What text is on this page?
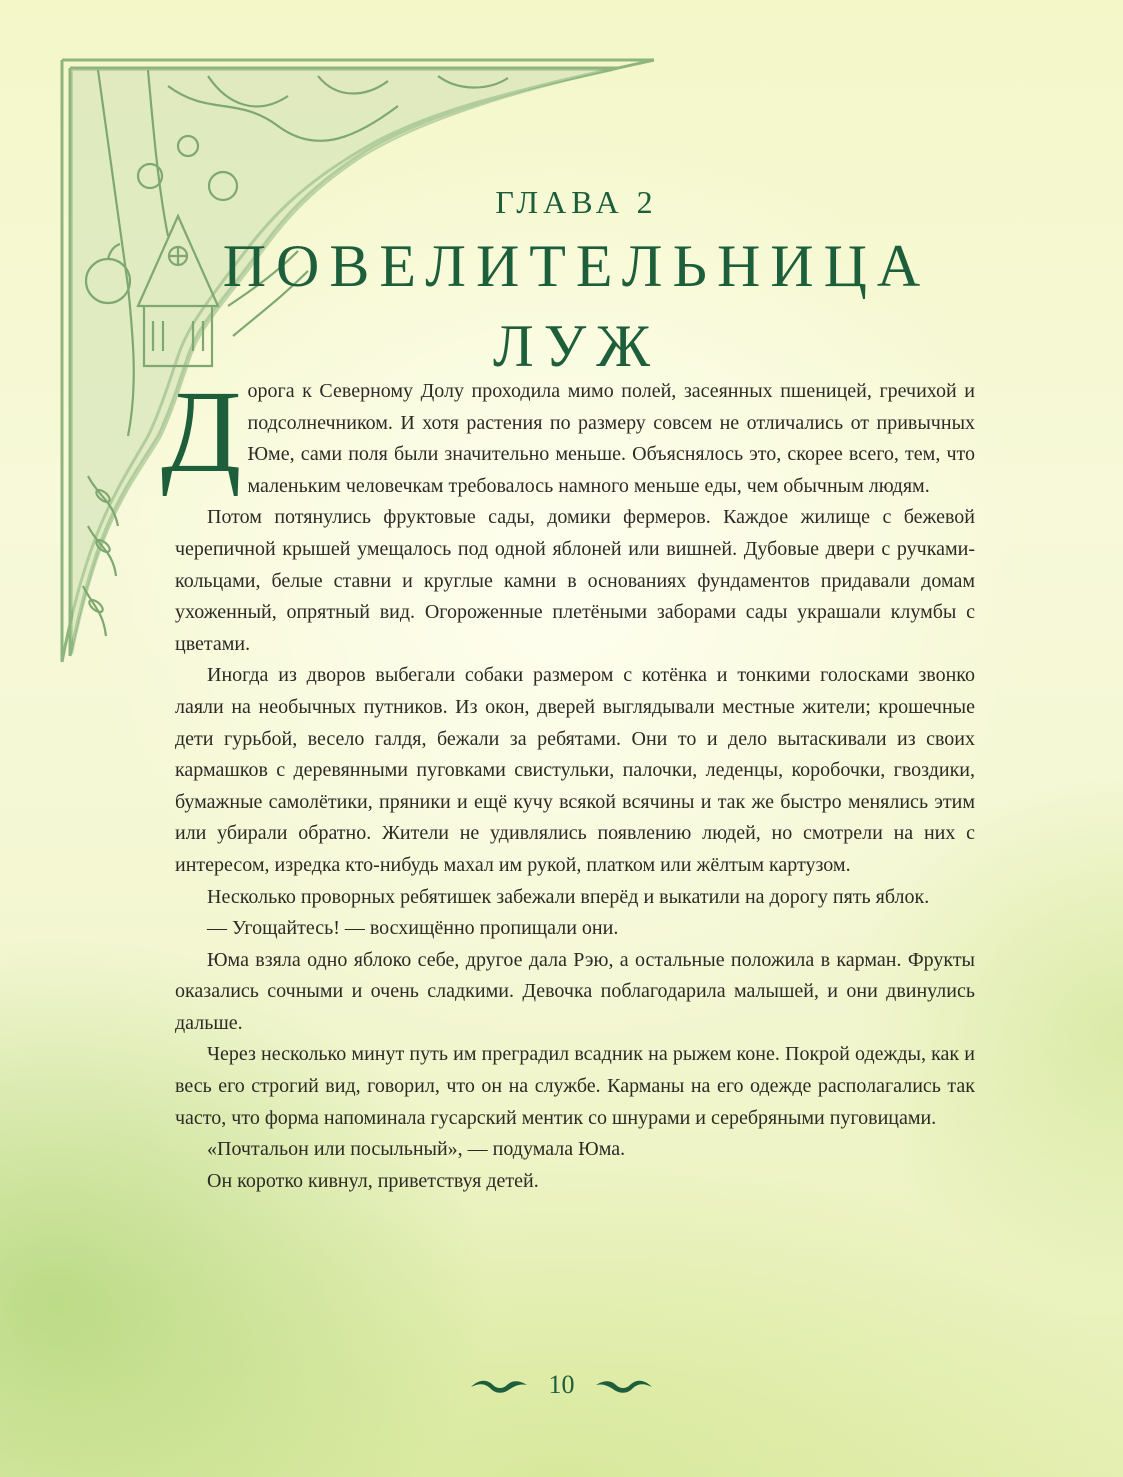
ГЛАВА 2
ПОВЕЛИТЕЛЬНИЦА
ЛУЖ

Дорога к Северному Долу проходила мимо полей, засеянных пшеницей, гречихой и подсолнечником. И хотя растения по размеру совсем не отличались от привычных Юме, сами поля были значительно меньше. Объяснялось это, скорее всего, тем, что маленьким человечкам требовалось намного меньше еды, чем обычным людям.

Потом потянулись фруктовые сады, домики фермеров. Каждое жилище с бежевой черепичной крышей умещалось под одной яблоней или вишней. Дубовые двери с ручками-кольцами, белые ставни и круглые камни в основаниях фундаментов придавали домам ухоженный, опрятный вид. Огороженные плетёными заборами сады украшали клумбы с цветами.

Иногда из дворов выбегали собаки размером с котёнка и тонкими голосками звонко лаяли на необычных путников. Из окон, дверей выглядывали местные жители; крошечные дети гурьбой, весело галдя, бежали за ребятами. Они то и дело вытаскивали из своих кармашков с деревянными пуговками свистульки, палочки, леденцы, коробочки, гвоздики, бумажные самолётики, пряники и ещё кучу всякой всячины и так же быстро менялись этим или убирали обратно. Жители не удивлялись появлению людей, но смотрели на них с интересом, изредка кто-нибудь махал им рукой, платком или жёлтым картузом.

Несколько проворных ребятишек забежали вперёд и выкатили на дорогу пять яблок.

— Угощайтесь! — восхищённо пропищали они.

Юма взяла одно яблоко себе, другое дала Рэю, а остальные положила в карман. Фрукты оказались сочными и очень сладкими. Девочка поблагодарила малышей, и они двинулись дальше.

Через несколько минут путь им преградил всадник на рыжем коне. Покрой одежды, как и весь его строгий вид, говорил, что он на службе. Карманы на его одежде располагались так часто, что форма напоминала гусарский ментик со шнурами и серебряными пуговицами.

«Почтальон или посыльный», — подумала Юма.

Он коротко кивнул, приветствуя детей.

10
